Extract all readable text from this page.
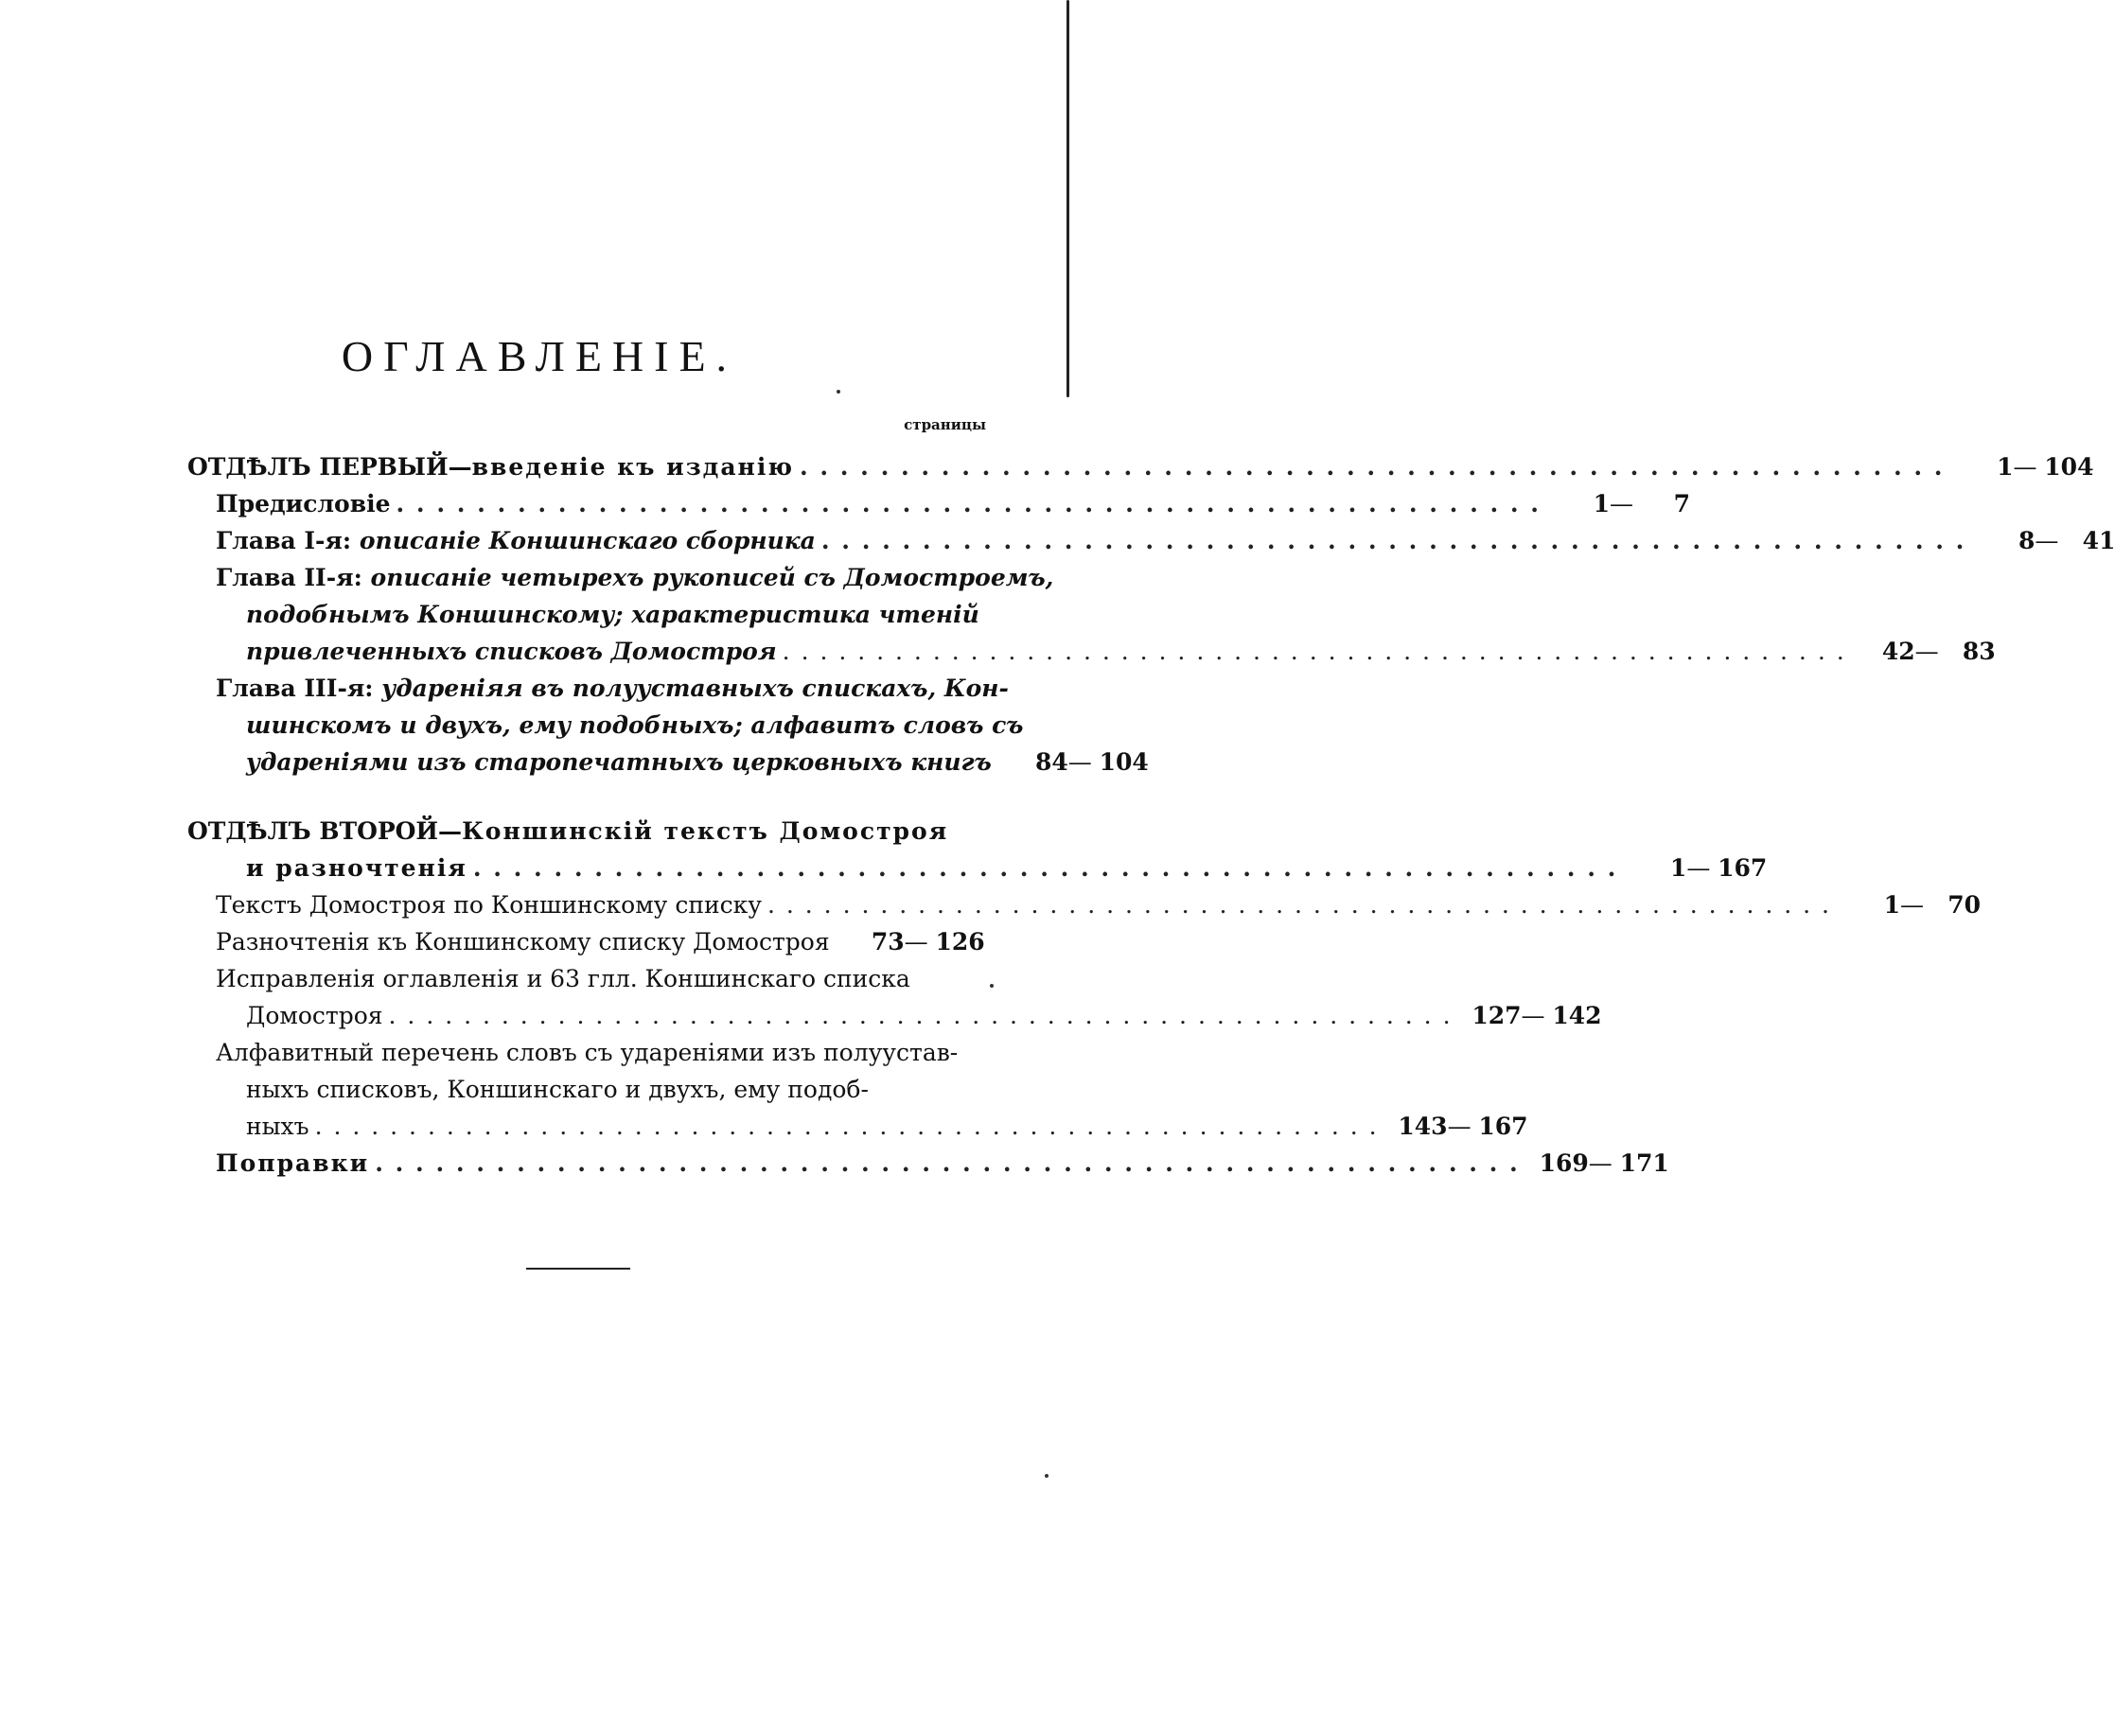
ОГЛАВЛЕНІЕ.
страницы
ОТДѢЛЪ ПЕРВЫЙ—введеніе къ изданію . . .	1— 104
Предисловіе . . .	1—	7
Глава I-я: описаніе Коншинскаго сборника . . .	8—	41
Глава II-я: описаніе четырехъ рукописей съ Домостроемъ,
подобнымъ Коншинскому; характеристика чтеній
привлеченныхъ списковъ Домостроя . . .	42—	83
Глава III-я: удареніяя въ полууставныхъ спискахъ, Кон-
шинскомъ и двухъ, ему подобныхъ; алфавитъ словъ съ
удареніями изъ старопечатныхъ церковныхъ книгъ	84— 104
ОТДѢЛЪ ВТОРОЙ—Коншинскій текстъ Домостроя
и разночтенія . . .	1— 167
Текстъ Домостроя по Коншинскому списку . . .	1—	70
Разночтенія къ Коншинскому списку Домостроя	73— 126
Исправленія оглавленія и 63 глл. Коншинскаго списка
Домостроя . . .	127— 142
Алфавитный перечень словъ съ удареніями изъ полуустав-
ныхъ списковъ, Коншинскаго и двухъ, ему подоб-
ныхъ . . .	143— 167
Поправки . . .	169— 171
